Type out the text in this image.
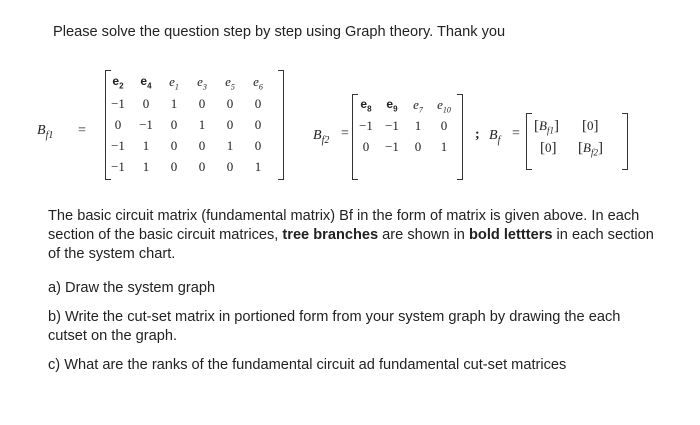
Please solve the question step by step using Graph theory. Thank you
$B_{f1}$ =
$e_2$	$e_4$	$e_1$	$e_3$	$e_5$	$e_6$
−1	0	1	0	0	0
0	−1	0	1	0	0
−1	1	0	0	1	0
−1	1	0	0	0	1
$B_{f2}$ =
$e_8$	$e_9$	$e_7$	$e_{10}$
−1 −1	1	0
0	−1	0	1
; $B_f = [B_{f1}]$ [0]
[0] $[B_{f2}]$
The basic circuit matrix (fundamental matrix) Bf in the form of matrix is given above. In each section of the basic circuit matrices, tree branches are shown in bold lettters in each section of the system chart.
a) Draw the system graph
b) Write the cut-set matrix in portioned form from your system graph by drawing the each cutset on the graph.
c) What are the ranks of the fundamental circuit ad fundamental cut-set matrices
